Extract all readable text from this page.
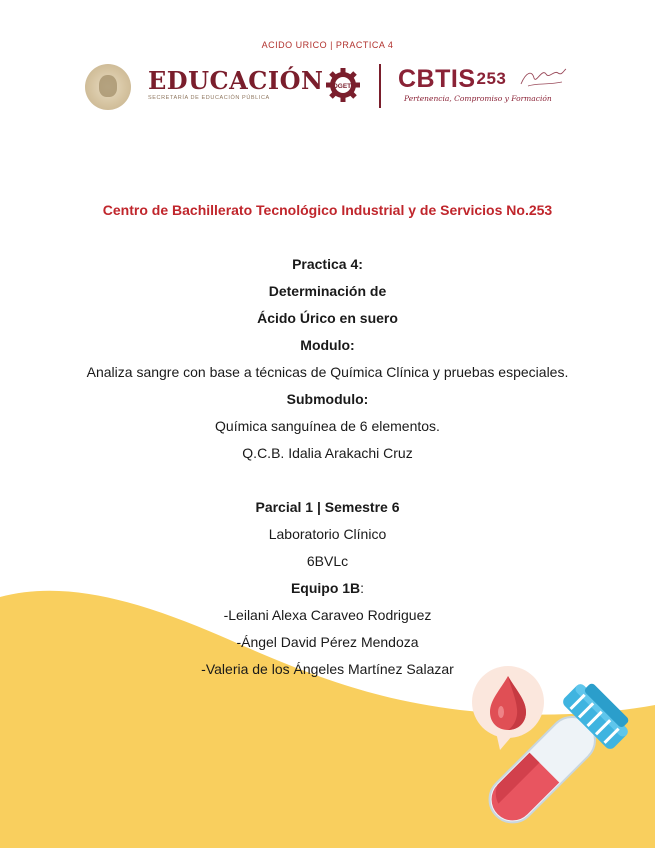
ACIDO URICO | PRACTICA 4
EDUCACIÓN
SECRETARÍA DE EDUCACIÓN PÚBLICA
DGETI CBTIS$^{253}$
Pertenencia, Compromiso y Formación
Centro de Bachillerato Tecnológico Industrial y de Servicios No.253
Practica 4:
Determinación de
Ácido Úrico en suero
Modulo:
Analiza sangre con base a técnicas de Química Clínica y pruebas especiales.
Submodulo:
Química sanguínea de 6 elementos.
Q.C.B. Idalia Arakachi Cruz
Parcial 1 | Semestre 6
Laboratorio Clínico
6BVLc
Equipo 1B:
-Leilani Alexa Caraveo Rodriguez
-Ángel David Pérez Mendoza
-Valeria de los Ángeles Martínez Salazar
